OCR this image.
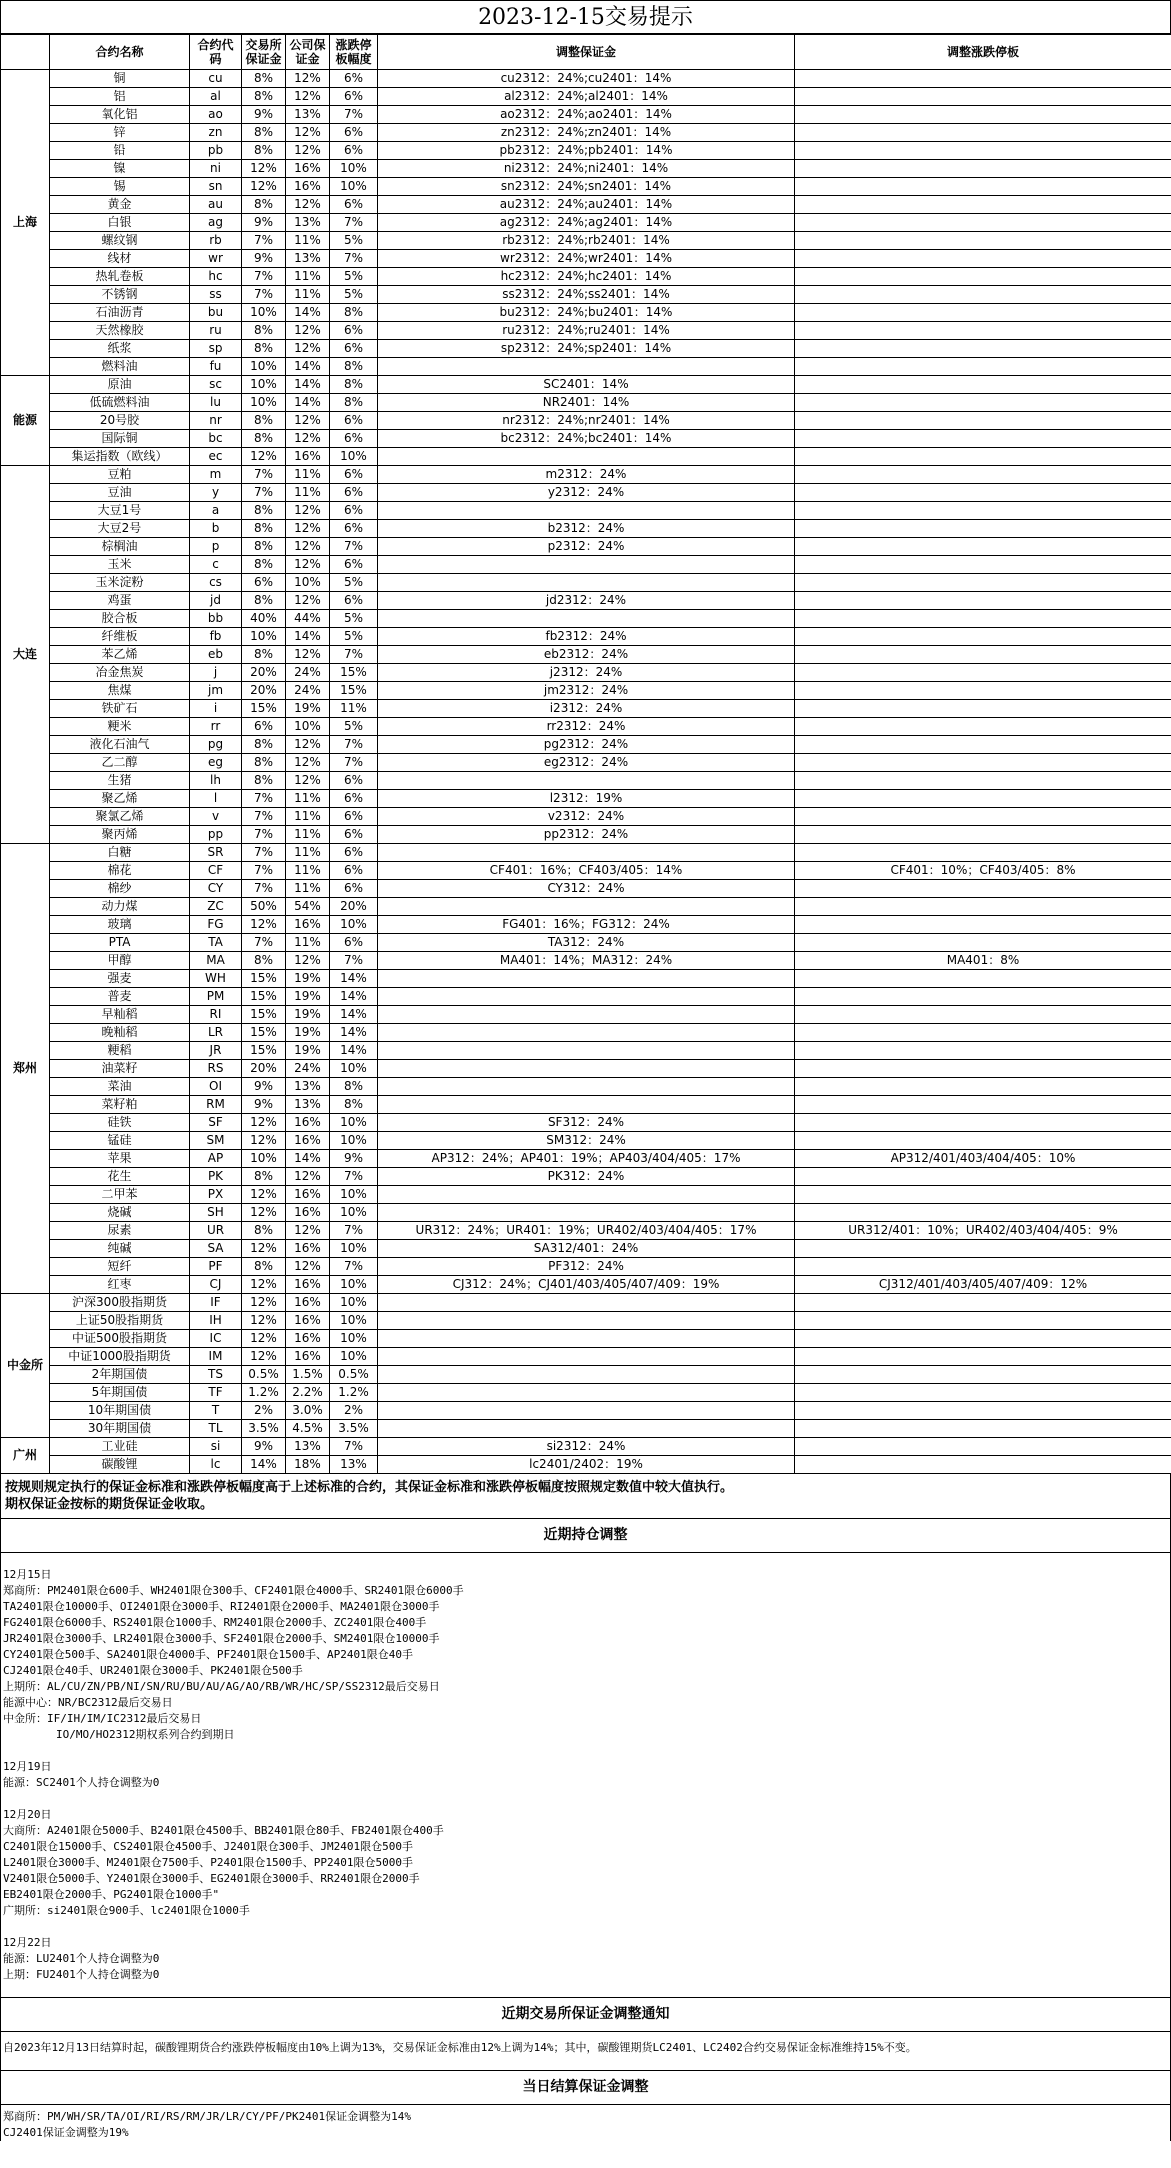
2023-12-15交易提示
	合约名称	合约代码	交易所保证金	公司保证金	涨跌停板幅度	调整保证金	调整涨跌停板
上海	铜	cu	8%	12%	6%	cu2312：24%;cu2401：14%	
	铝	al	8%	12%	6%	al2312：24%;al2401：14%	
	氧化铝	ao	9%	13%	7%	ao2312：24%;ao2401：14%	
	锌	zn	8%	12%	6%	zn2312：24%;zn2401：14%	
	铅	pb	8%	12%	6%	pb2312：24%;pb2401：14%	
	镍	ni	12%	16%	10%	ni2312：24%;ni2401：14%	
	锡	sn	12%	16%	10%	sn2312：24%;sn2401：14%	
	黄金	au	8%	12%	6%	au2312：24%;au2401：14%	
	白银	ag	9%	13%	7%	ag2312：24%;ag2401：14%	
	螺纹钢	rb	7%	11%	5%	rb2312：24%;rb2401：14%	
	线材	wr	9%	13%	7%	wr2312：24%;wr2401：14%	
	热轧卷板	hc	7%	11%	5%	hc2312：24%;hc2401：14%	
	不锈钢	ss	7%	11%	5%	ss2312：24%;ss2401：14%	
	石油沥青	bu	10%	14%	8%	bu2312：24%;bu2401：14%	
	天然橡胶	ru	8%	12%	6%	ru2312：24%;ru2401：14%	
	纸浆	sp	8%	12%	6%	sp2312：24%;sp2401：14%	
	燃料油	fu	10%	14%	8%		
能源	原油	sc	10%	14%	8%	SC2401：14%	
	低硫燃料油	lu	10%	14%	8%	NR2401：14%	
	20号胶	nr	8%	12%	6%	nr2312：24%;nr2401：14%	
	国际铜	bc	8%	12%	6%	bc2312：24%;bc2401：14%	
	集运指数（欧线）	ec	12%	16%	10%		
大连	豆粕	m	7%	11%	6%	m2312：24%	
	豆油	y	7%	11%	6%	y2312：24%	
	大豆1号	a	8%	12%	6%		
	大豆2号	b	8%	12%	6%	b2312：24%	
	棕榈油	p	8%	12%	7%	p2312：24%	
	玉米	c	8%	12%	6%		
	玉米淀粉	cs	6%	10%	5%		
	鸡蛋	jd	8%	12%	6%	jd2312：24%	
	胶合板	bb	40%	44%	5%		
	纤维板	fb	10%	14%	5%	fb2312：24%	
	苯乙烯	eb	8%	12%	7%	eb2312：24%	
	冶金焦炭	j	20%	24%	15%	j2312：24%	
	焦煤	jm	20%	24%	15%	jm2312：24%	
	铁矿石	i	15%	19%	11%	i2312：24%	
	粳米	rr	6%	10%	5%	rr2312：24%	
	液化石油气	pg	8%	12%	7%	pg2312：24%	
	乙二醇	eg	8%	12%	7%	eg2312：24%	
	生猪	lh	8%	12%	6%		
	聚乙烯	l	7%	11%	6%	l2312：19%	
	聚氯乙烯	v	7%	11%	6%	v2312：24%	
	聚丙烯	pp	7%	11%	6%	pp2312：24%	
郑州	白糖	SR	7%	11%	6%		
	棉花	CF	7%	11%	6%	CF401：16%；CF403/405：14%	CF401：10%；CF403/405：8%
	棉纱	CY	7%	11%	6%	CY312：24%	
	动力煤	ZC	50%	54%	20%		
	玻璃	FG	12%	16%	10%	FG401：16%；FG312：24%	
	PTA	TA	7%	11%	6%	TA312：24%	
	甲醇	MA	8%	12%	7%	MA401：14%；MA312：24%	MA401：8%
	强麦	WH	15%	19%	14%		
	普麦	PM	15%	19%	14%		
	早籼稻	RI	15%	19%	14%		
	晚籼稻	LR	15%	19%	14%		
	粳稻	JR	15%	19%	14%		
	油菜籽	RS	20%	24%	10%		
	菜油	OI	9%	13%	8%		
	菜籽粕	RM	9%	13%	8%		
	硅铁	SF	12%	16%	10%	SF312：24%	
	锰硅	SM	12%	16%	10%	SM312：24%	
	苹果	AP	10%	14%	9%	AP312：24%；AP401：19%；AP403/404/405：17%	AP312/401/403/404/405：10%
	花生	PK	8%	12%	7%	PK312：24%	
	二甲苯	PX	12%	16%	10%		
	烧碱	SH	12%	16%	10%		
	尿素	UR	8%	12%	7%	UR312：24%；UR401：19%；UR402/403/404/405：17%	UR312/401：10%；UR402/403/404/405：9%
	纯碱	SA	12%	16%	10%	SA312/401：24%	
	短纤	PF	8%	12%	7%	PF312：24%	
	红枣	CJ	12%	16%	10%	CJ312：24%；CJ401/403/405/407/409：19%	CJ312/401/403/405/407/409：12%
中金所	沪深300股指期货	IF	12%	16%	10%		
	上证50股指期货	IH	12%	16%	10%		
	中证500股指期货	IC	12%	16%	10%		
	中证1000股指期货	IM	12%	16%	10%		
	2年期国债	TS	0.5%	1.5%	0.5%		
	5年期国债	TF	1.2%	2.2%	1.2%		
	10年期国债	T	2%	3.0%	2%		
	30年期国债	TL	3.5%	4.5%	3.5%		
广州	工业硅	si	9%	13%	7%	si2312：24%	
	碳酸锂	lc	14%	18%	13%	lc2401/2402：19%	
按规则规定执行的保证金标准和涨跌停板幅度高于上述标准的合约，其保证金标准和涨跌停板幅度按照规定数值中较大值执行。
期权保证金按标的期货保证金收取。
近期持仓调整
12月15日
郑商所：PM2401限仓600手、WH2401限仓300手、CF2401限仓4000手、SR2401限仓6000手
TA2401限仓10000手、OI2401限仓3000手、RI2401限仓2000手、MA2401限仓3000手
FG2401限仓6000手、RS2401限仓1000手、RM2401限仓2000手、ZC2401限仓400手
JR2401限仓3000手、LR2401限仓3000手、SF2401限仓2000手、SM2401限仓10000手
CY2401限仓500手、SA2401限仓4000手、PF2401限仓1500手、AP2401限仓40手
CJ2401限仓40手、UR2401限仓3000手、PK2401限仓500手
上期所：AL/CU/ZN/PB/NI/SN/RU/BU/AU/AG/AO/RB/WR/HC/SP/SS2312最后交易日
能源中心：NR/BC2312最后交易日
中金所：IF/IH/IM/IC2312最后交易日
IO/MO/HO2312期权系列合约到期日
12月19日
能源：SC2401个人持仓调整为0
12月20日
大商所：A2401限仓5000手、B2401限仓4500手、BB2401限仓80手、FB2401限仓400手
C2401限仓15000手、CS2401限仓4500手、J2401限仓300手、JM2401限仓500手
L2401限仓3000手、M2401限仓7500手、P2401限仓1500手、PP2401限仓5000手
V2401限仓5000手、Y2401限仓3000手、EG2401限仓3000手、RR2401限仓2000手
EB2401限仓2000手、PG2401限仓1000手"
广期所：si2401限仓900手、lc2401限仓1000手
12月22日
能源：LU2401个人持仓调整为0
上期：FU2401个人持仓调整为0
近期交易所保证金调整通知
自2023年12月13日结算时起，碳酸锂期货合约涨跌停板幅度由10%上调为13%，交易保证金标准由12%上调为14%；其中，碳酸锂期货LC2401、LC2402合约交易保证金标准维持15%不变。
当日结算保证金调整
郑商所：PM/WH/SR/TA/OI/RI/RS/RM/JR/LR/CY/PF/PK2401保证金调整为14%
CJ2401保证金调整为19%
